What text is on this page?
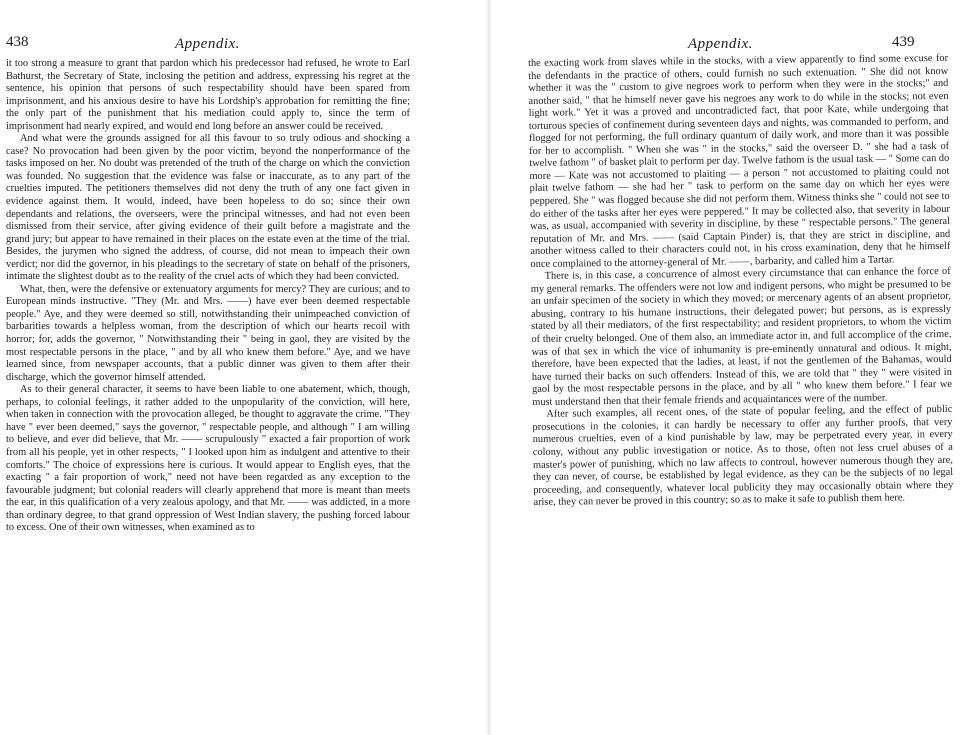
438	Appendix.

it too strong a measure to grant that pardon which his predecessor had refused, he wrote to Earl Bathurst, the Secretary of State, inclosing the petition and address, expressing his regret at the sentence, his opinion that persons of such respectability should have been spared from imprisonment, and his anxious desire to have his Lordship's approbation for remitting the fine; the only part of the punishment that his mediation could apply to, since the term of imprisonment had nearly expired, and would end long before an answer could be received.

And what were the grounds assigned for all this favour to so truly odious and shocking a case? No provocation had been given by the poor victim, beyond the nonperformance of the tasks imposed on her. No doubt was pretended of the truth of the charge on which the conviction was founded. No suggestion that the evidence was false or inaccurate, as to any part of the cruelties imputed. The petitioners themselves did not deny the truth of any one fact given in evidence against them. It would, indeed, have been hopeless to do so; since their own dependants and relations, the overseers, were the principal witnesses, and had not even been dismissed from their service, after giving evidence of their guilt before a magistrate and the grand jury; but appear to have remained in their places on the estate even at the time of the trial. Besides, the jurymen who signed the address, of course, did not mean to impeach their own verdict; nor did the governor, in his pleadings to the secretary of state on behalf of the prisoners, intimate the slightest doubt as to the reality of the cruel acts of which they had been convicted.

What, then, were the defensive or extenuatory arguments for mercy? They are curious; and to European minds instructive. "They (Mr. and Mrs. ——) have ever been deemed respectable people." Aye, and they were deemed so still, notwithstanding their unimpeached conviction of barbarities towards a helpless woman, from the description of which our hearts recoil with horror; for, adds the governor, " Notwithstanding their " being in gaol, they are visited by the most respectable persons in the place, " and by all who knew them before." Aye, and we have learned since, from newspaper accounts, that a public dinner was given to them after their discharge, which the governor himself attended.

As to their general character, it seems to have been liable to one abatement, which, though, perhaps, to colonial feelings, it rather added to the unpopularity of the conviction, will here, when taken in connection with the provocation alleged, be thought to aggravate the crime. "They have " ever been deemed," says the governor, " respectable people, and although " I am willing to believe, and ever did believe, that Mr. —— scrupulously " exacted a fair proportion of work from all his people, yet in other respects, " I looked upon him as indulgent and attentive to their comforts." The choice of expressions here is curious. It would appear to English eyes, that the exacting " a fair proportion of work," need not have been regarded as any exception to the favourable judgment; but colonial readers will clearly apprehend that more is meant than meets the ear, in this qualification of a very zealous apology, and that Mr. —— was addicted, in a more than ordinary degree, to that grand oppression of West Indian slavery, the pushing forced labour to excess. One of their own witnesses, when examined as to

Appendix.	439

the exacting work from slaves while in the stocks, with a view apparently to find some excuse for the defendants in the practice of others, could furnish no such extenuation. " She did not know whether it was the " custom to give negroes work to perform when they were in the stocks;" and another said, " that he himself never gave his negroes any work to do while in the stocks; not even light work." Yet it was a proved and uncontradicted fact, that poor Kate, while undergoing that torturous species of confinement during seventeen days and nights, was commanded to perform, and flogged for not performing, the full ordinary quantum of daily work, and more than it was possible for her to accomplish. " When she was " in the stocks," said the overseer D. " she had a task of twelve fathom " of basket plait to perform per day. Twelve fathom is the usual task — " Some can do more — Kate was not accustomed to plaiting — a person " not accustomed to plaiting could not plait twelve fathom — she had her " task to perform on the same day on which her eyes were peppered. She " was flogged because she did not perform them. Witness thinks she " could not see to do either of the tasks after her eyes were peppered." It may be collected also, that severity in labour was, as usual, accompanied with severity in discipline, by these " respectable persons." The general reputation of Mr. and Mrs. —— (said Captain Pinder) is, that they are strict in discipline, and another witness called to their characters could not, in his cross examination, deny that he himself once complained to the attorney-general of Mr. ——, barbarity, and called him a Tartar.

There is, in this case, a concurrence of almost every circumstance that can enhance the force of my general remarks. The offenders were not low and indigent persons, who might be presumed to be an unfair specimen of the society in which they moved; or mercenary agents of an absent proprietor, abusing, contrary to his humane instructions, their delegated power; but persons, as is expressly stated by all their mediators, of the first respectability; and resident proprietors, to whom the victim of their cruelty belonged. One of them also, an immediate actor in, and full accomplice of the crime, was of that sex in which the vice of inhumanity is pre-eminently unnatural and odious. It might, therefore, have been expected that the ladies, at least, if not the gentlemen of the Bahamas, would have turned their backs on such offenders. Instead of this, we are told that " they " were visited in gaol by the most respectable persons in the place, and by all " who knew them before." I fear we must understand then that their female friends and acquaintances were of the number.

After such examples, all recent ones, of the state of popular feeling, and the effect of public prosecutions in the colonies, it can hardly be necessary to offer any further proofs, that very numerous cruelties, even of a kind punishable by law, may be perpetrated every year, in every colony, without any public investigation or notice. As to those, often not less cruel abuses of a master's power of punishing, which no law affects to controul, however numerous though they are, they can never, of course, be established by legal evidence, as they can be the subjects of no legal proceeding, and consequently, whatever local publicity they may occasionally obtain where they arise, they can never be proved in this country; so as to make it safe to publish them here.
